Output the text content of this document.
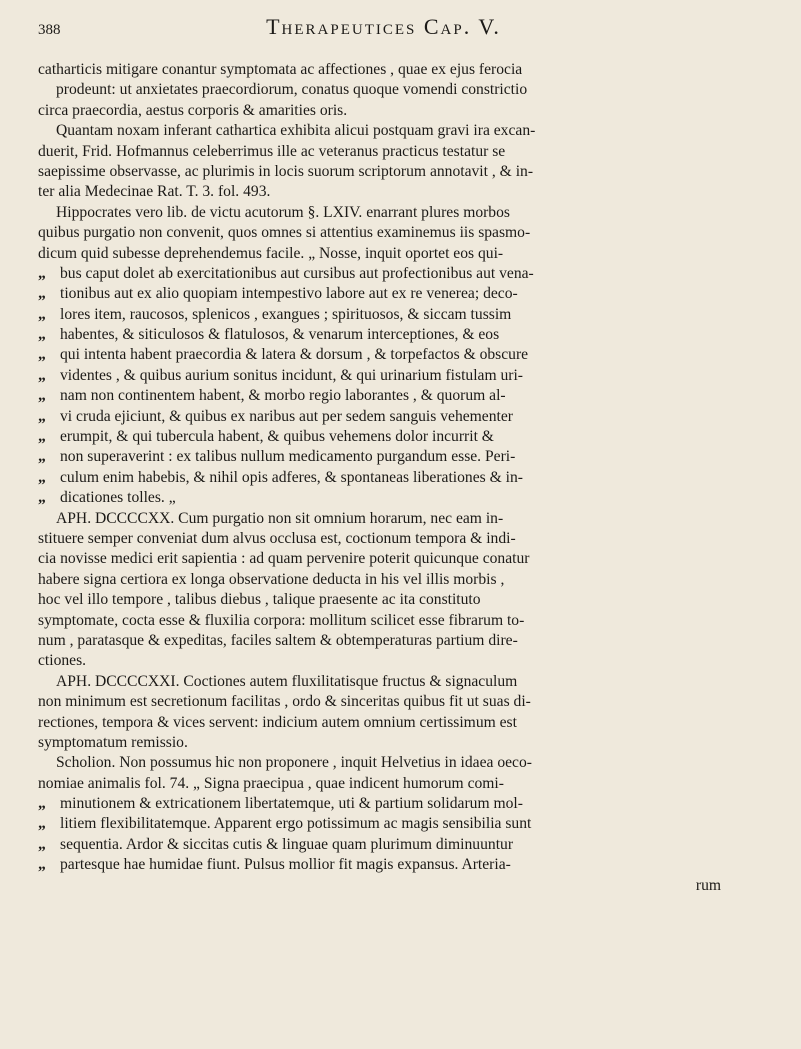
388	Therapeutices Cap. V.
catharticis mitigare conantur symptomata ac affectiones , quae ex ejus ferocia
prodeunt: ut anxietates praecordiorum, conatus quoque vomendi constrictio
circa praecordia, aestus corporis & amarities oris.
Quantam noxam inferant cathartica exhibita alicui postquam gravi ira excan-
duerit, Frid. Hofmannus celeberrimus ille ac veteranus practicus testatur se
saepissime observasse, ac plurimis in locis suorum scriptorum annotavit , & in-
ter alia Medecinae Rat. T. 3. fol. 493.
Hippocrates vero lib. de victu acutorum §. LXIV. enarrant plures morbos
quibus purgatio non convenit, quos omnes si attentius examinemus iis spasmo-
dicum quid subesse deprehendemus facile. „ Nosse, inquit oportet eos qui-
„ bus caput dolet ab exercitationibus aut cursibus aut profectionibus aut vena-
„ tionibus aut ex alio quopiam intempestivo labore aut ex re venerea; deco-
„ lores item, raucosos, splenicos , exangues ; spirituosos, & siccam tussim
„ habentes, & siticulosos & flatulosos, & venarum interceptiones, & eos
„ qui intenta habent praecordia & latera & dorsum , & torpefactos & obscure
„ videntes , & quibus aurium sonitus incidunt, & qui urinarium fistulam uri-
„ nam non continentem habent, & morbo regio laborantes , & quorum al-
„ vi cruda ejiciunt, & quibus ex naribus aut per sedem sanguis vehementer
„ erumpit, & qui tubercula habent, & quibus vehemens dolor incurrit &
„ non superaverint : ex talibus nullum medicamento purgandum esse. Peri-
„ culum enim habebis, & nihil opis adferes, & spontaneas liberationes & in-
„ dicationes tolles. „
APH. DCCCCXX. Cum purgatio non sit omnium horarum, nec eam in-
stituere semper conveniat dum alvus occlusa est, coctionum tempora & indi-
cia novisse medici erit sapientia : ad quam pervenire poterit quicunque conatur
habere signa certiora ex longa observatione deducta in his vel illis morbis ,
hoc vel illo tempore , talibus diebus , talique praesente ac ita constituto
symptomate, cocta esse & fluxilia corpora: mollitum scilicet esse fibrarum to-
num , paratasque & expeditas, faciles saltem & obtemperaturas partium dire-
ctiones.
APH. DCCCCXXI. Coctiones autem fluxilitatisque fructus & signaculum
non minimum est secretionum facilitas , ordo & sinceritas quibus fit ut suas di-
rectiones, tempora & vices servent: indicium autem omnium certissimum est
symptomatum remissio.
Scholion. Non possumus hic non proponere , inquit Helvetius in idaea oeco-
nomiae animalis fol. 74. „ Signa praecipua , quae indicent humorum comi-
„ minutionem & extricationem libertatemque, uti & partium solidarum mol-
„ litiem flexibilitatemque. Apparent ergo potissimum ac magis sensibilia sunt
„ sequentia. Ardor & siccitas cutis & linguae quam plurimum diminuuntur
„ partesque hae humidae fiunt. Pulsus mollior fit magis expansus. Arteria-
rum
